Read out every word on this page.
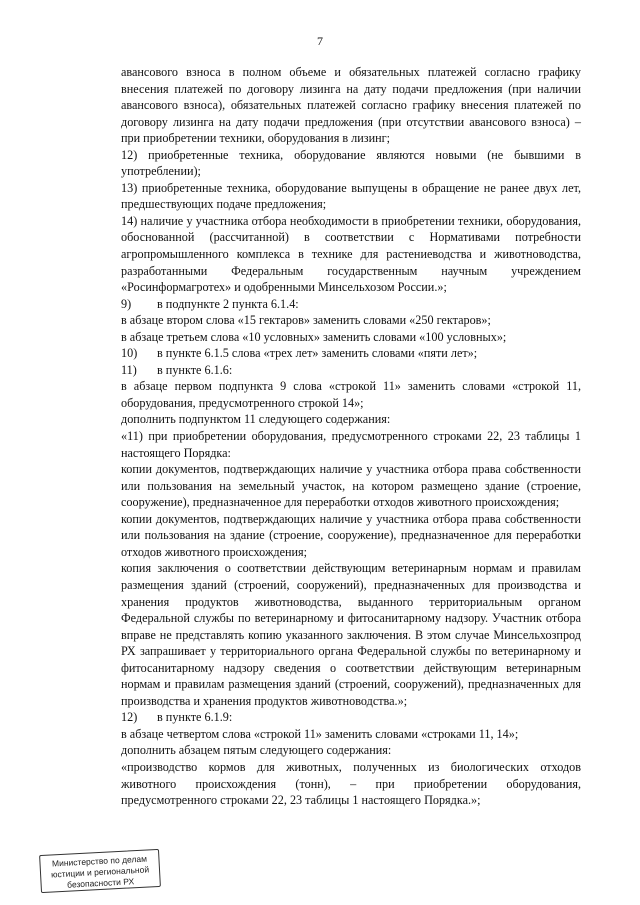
7

авансового взноса в полном объеме и обязательных платежей согласно графику внесения платежей по договору лизинга на дату подачи предложения (при наличии авансового взноса), обязательных платежей согласно графику внесения платежей по договору лизинга на дату подачи предложения (при отсутствии авансового взноса) – при приобретении техники, оборудования в лизинг;

12) приобретенные техника, оборудование являются новыми (не бывшими в употреблении);

13) приобретенные техника, оборудование выпущены в обращение не ранее двух лет, предшествующих подаче предложения;

14) наличие у участника отбора необходимости в приобретении техники, оборудования, обоснованной (рассчитанной) в соответствии с Нормативами потребности агропромышленного комплекса в технике для растениеводства и животноводства, разработанными Федеральным государственным научным учреждением «Росинформагротех» и одобренными Минсельхозом России.»;

9) в подпункте 2 пункта 6.1.4:

в абзаце втором слова «15 гектаров» заменить словами «250 гектаров»;

в абзаце третьем слова «10 условных» заменить словами «100 условных»;

10) в пункте 6.1.5 слова «трех лет» заменить словами «пяти лет»;

11) в пункте 6.1.6:

в абзаце первом подпункта 9 слова «строкой 11» заменить словами «строкой 11, оборудования, предусмотренного строкой 14»;

дополнить подпунктом 11 следующего содержания:

«11) при приобретении оборудования, предусмотренного строками 22, 23 таблицы 1 настоящего Порядка:

копии документов, подтверждающих наличие у участника отбора права собственности или пользования на земельный участок, на котором размещено здание (строение, сооружение), предназначенное для переработки отходов животного происхождения;

копии документов, подтверждающих наличие у участника отбора права собственности или пользования на здание (строение, сооружение), предназначенное для переработки отходов животного происхождения;

копия заключения о соответствии действующим ветеринарным нормам и правилам размещения зданий (строений, сооружений), предназначенных для производства и хранения продуктов животноводства, выданного территориальным органом Федеральной службы по ветеринарному и фитосанитарному надзору. Участник отбора вправе не представлять копию указанного заключения. В этом случае Минсельхозпрод РХ запрашивает у территориального органа Федеральной службы по ветеринарному и фитосанитарному надзору сведения о соответствии действующим ветеринарным нормам и правилам размещения зданий (строений, сооружений), предназначенных для производства и хранения продуктов животноводства.»;

12) в пункте 6.1.9:

в абзаце четвертом слова «строкой 11» заменить словами «строками 11, 14»;

дополнить абзацем пятым следующего содержания:

«производство кормов для животных, полученных из биологических отходов животного происхождения (тонн), – при приобретении оборудования, предусмотренного строками 22, 23 таблицы 1 настоящего Порядка.»;

Министерство по делам
юстиции и региональной
безопасности РХ
